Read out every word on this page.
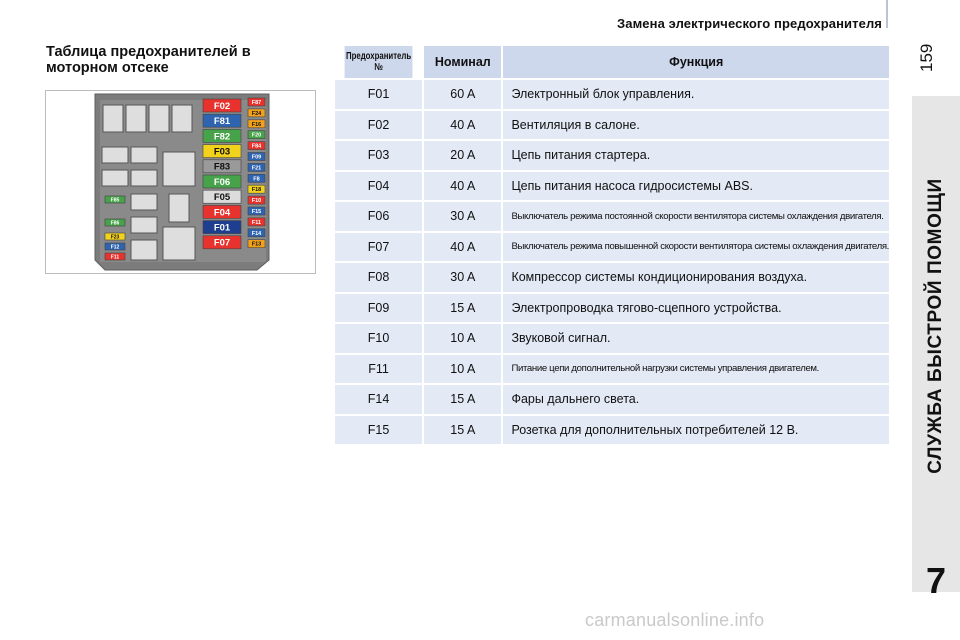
Замена электрического предохранителя
159
СЛУЖБА БЫСТРОЙ ПОМОЩИ
7
Таблица предохранителей в
моторном отсеке
F02
F81
F82
F03
F83
F06
F05
F04
F01
F07
F87
F24
F16
F20
F84
F09
F21
F8
F18
F10
F15
F11
F14
F13
F85
F86
F23
F12
F11
Предохранитель №	Номинал	Функция
F01	60 A	Электронный блок управления.
F02	40 A	Вентиляция в салоне.
F03	20 A	Цепь питания стартера.
F04	40 A	Цепь питания насоса гидросистемы ABS.
F06	30 A	Выключатель режима постоянной скорости вентилятора системы охлаждения двигателя.
F07	40 A	Выключатель режима повышенной скорости вентилятора системы охлаждения двигателя.
F08	30 A	Компрессор системы кондиционирования воздуха.
F09	15 A	Электропроводка тягово-сцепного устройства.
F10	10 A	Звуковой сигнал.
F11	10 A	Питание цепи дополнительной нагрузки системы управления двигателем.
F14	15 A	Фары дальнего света.
F15	15 A	Розетка для дополнительных потребителей 12 В.
carmanualsonline.info
